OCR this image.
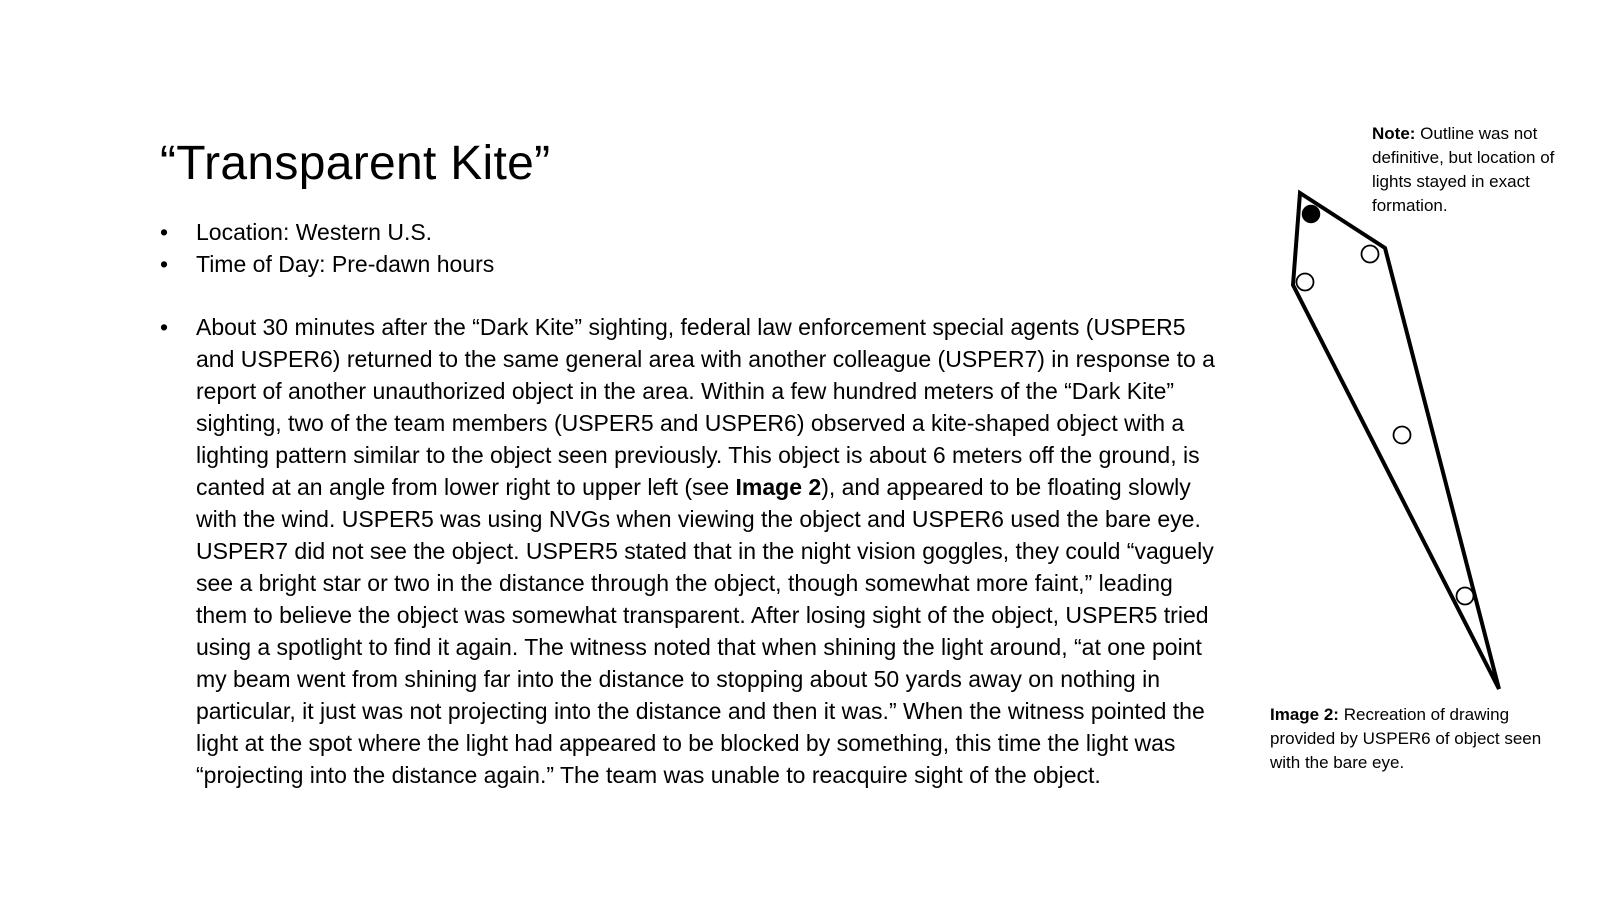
“Transparent Kite”
• Location: Western U.S.
• Time of Day: Pre-dawn hours
• About 30 minutes after the “Dark Kite” sighting, federal law enforcement special agents (USPER5 and USPER6) returned to the same general area with another colleague (USPER7) in response to a report of another unauthorized object in the area. Within a few hundred meters of the “Dark Kite” sighting, two of the team members (USPER5 and USPER6) observed a kite-shaped object with a lighting pattern similar to the object seen previously. This object is about 6 meters off the ground, is canted at an angle from lower right to upper left (see Image 2), and appeared to be floating slowly with the wind. USPER5 was using NVGs when viewing the object and USPER6 used the bare eye. USPER7 did not see the object. USPER5 stated that in the night vision goggles, they could “vaguely see a bright star or two in the distance through the object, though somewhat more faint,” leading them to believe the object was somewhat transparent. After losing sight of the object, USPER5 tried using a spotlight to find it again. The witness noted that when shining the light around, “at one point my beam went from shining far into the distance to stopping about 50 yards away on nothing in particular, it just was not projecting into the distance and then it was.” When the witness pointed the light at the spot where the light had appeared to be blocked by something, this time the light was “projecting into the distance again.” The team was unable to reacquire sight of the object.
Note: Outline was not definitive, but location of lights stayed in exact formation.
Image 2: Recreation of drawing provided by USPER6 of object seen with the bare eye.
